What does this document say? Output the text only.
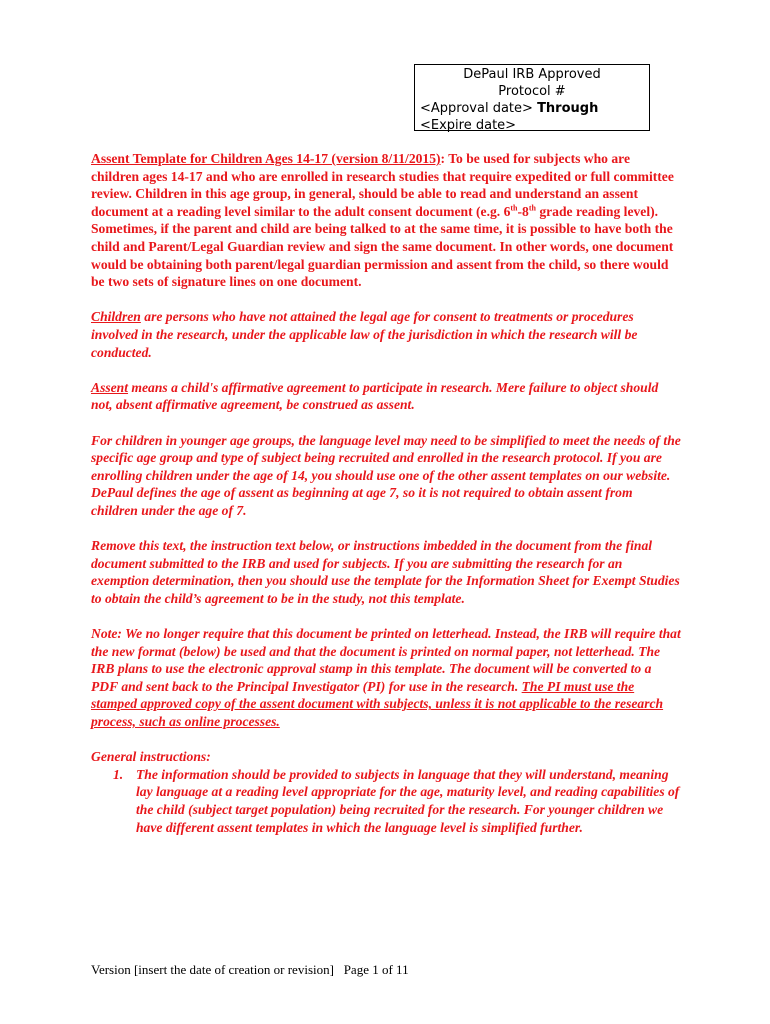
DePaul IRB Approved
Protocol #
<Approval date> Through
<Expire date>

Assent Template for Children Ages 14-17 (version 8/11/2015): To be used for subjects who are children ages 14-17 and who are enrolled in research studies that require expedited or full committee review. Children in this age group, in general, should be able to read and understand an assent document at a reading level similar to the adult consent document (e.g. 6th-8th grade reading level). Sometimes, if the parent and child are being talked to at the same time, it is possible to have both the child and Parent/Legal Guardian review and sign the same document. In other words, one document would be obtaining both parent/legal guardian permission and assent from the child, so there would be two sets of signature lines on one document.

Children are persons who have not attained the legal age for consent to treatments or procedures involved in the research, under the applicable law of the jurisdiction in which the research will be conducted.

Assent means a child's affirmative agreement to participate in research. Mere failure to object should not, absent affirmative agreement, be construed as assent.

For children in younger age groups, the language level may need to be simplified to meet the needs of the specific age group and type of subject being recruited and enrolled in the research protocol. If you are enrolling children under the age of 14, you should use one of the other assent templates on our website. DePaul defines the age of assent as beginning at age 7, so it is not required to obtain assent from children under the age of 7.

Remove this text, the instruction text below, or instructions imbedded in the document from the final document submitted to the IRB and used for subjects. If you are submitting the research for an exemption determination, then you should use the template for the Information Sheet for Exempt Studies to obtain the child’s agreement to be in the study, not this template.

Note: We no longer require that this document be printed on letterhead. Instead, the IRB will require that the new format (below) be used and that the document is printed on normal paper, not letterhead. The IRB plans to use the electronic approval stamp in this template. The document will be converted to a PDF and sent back to the Principal Investigator (PI) for use in the research. The PI must use the stamped approved copy of the assent document with subjects, unless it is not applicable to the research process, such as online processes.

General instructions:
1. The information should be provided to subjects in language that they will understand, meaning lay language at a reading level appropriate for the age, maturity level, and reading capabilities of the child (subject target population) being recruited for the research. For younger children we have different assent templates in which the language level is simplified further.
Version [insert the date of creation or revision] Page 1 of 11
